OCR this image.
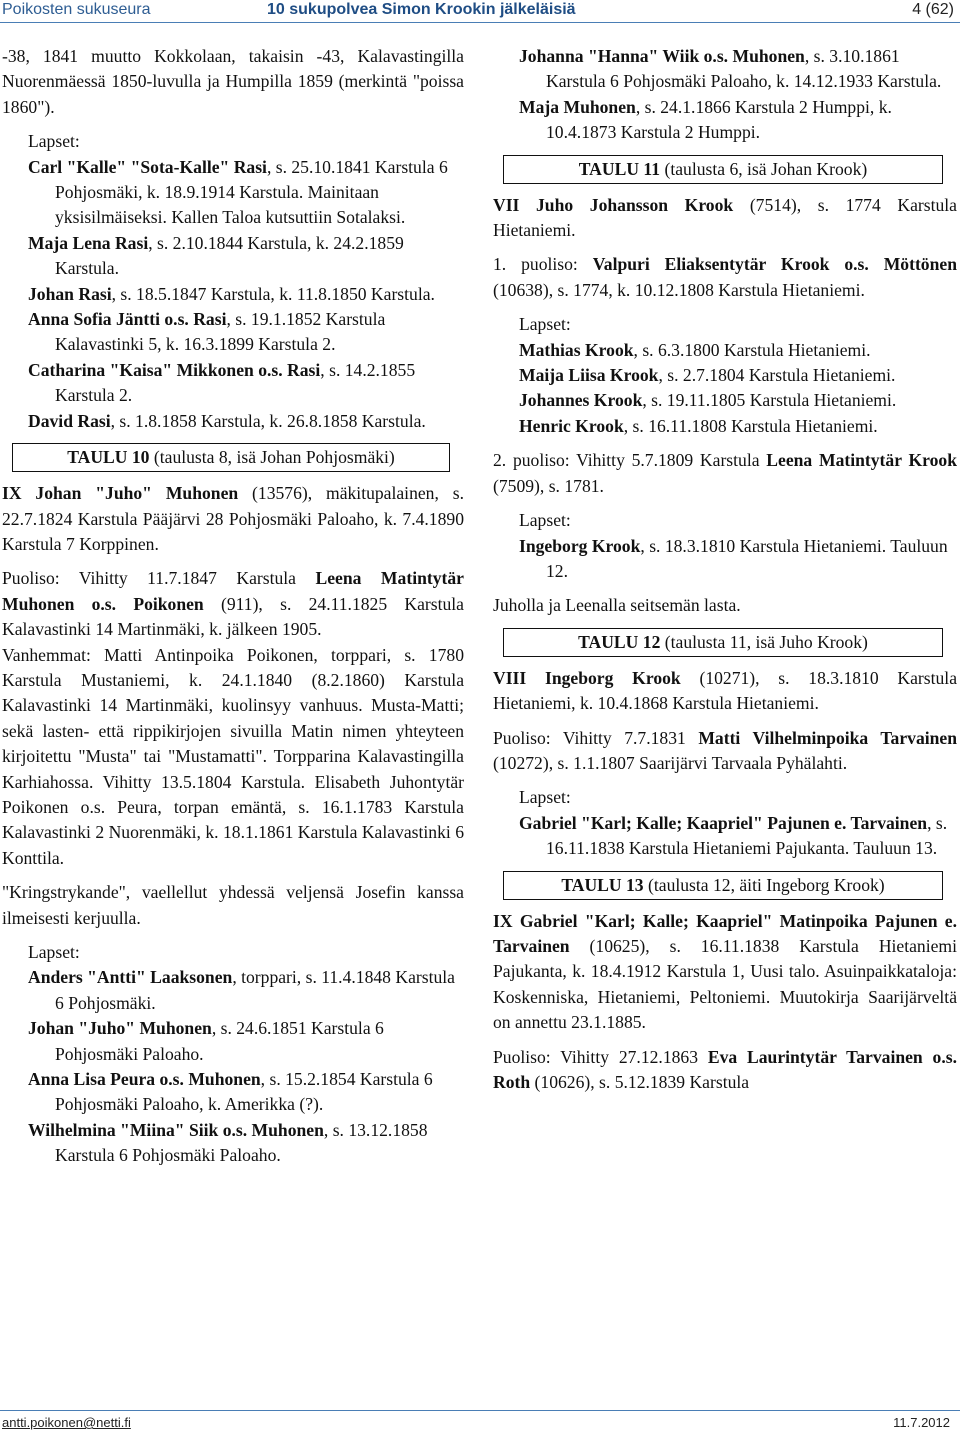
Poikosten sukuseura	10 sukupolvea Simon Krookin jälkeläisiä	4 (62)

-38, 1841 muutto Kokkolaan, takaisin -43, Kalavastingilla Nuorenmäessä 1850-luvulla ja Humpilla 1859 (merkintä "poissa 1860").

Lapset:
Carl "Kalle" "Sota-Kalle" Rasi, s. 25.10.1841 Karstula 6 Pohjosmäki, k. 18.9.1914 Karstula. Mainitaan yksisilmäiseksi. Kallen Taloa kutsuttiin Sotalaksi.
Maja Lena Rasi, s. 2.10.1844 Karstula, k. 24.2.1859 Karstula.
Johan Rasi, s. 18.5.1847 Karstula, k. 11.8.1850 Karstula.
Anna Sofia Jäntti o.s. Rasi, s. 19.1.1852 Karstula Kalavastinki 5, k. 16.3.1899 Karstula 2.
Catharina "Kaisa" Mikkonen o.s. Rasi, s. 14.2.1855 Karstula 2.
David Rasi, s. 1.8.1858 Karstula, k. 26.8.1858 Karstula.
TAULU 10 (taulusta 8, isä Johan Pohjosmäki)

IX Johan "Juho" Muhonen (13576), mäkitupalainen, s. 22.7.1824 Karstula Pääjärvi 28 Pohjosmäki Paloaho, k. 7.4.1890 Karstula 7 Korppinen.

Puoliso: Vihitty 11.7.1847 Karstula Leena Matintytär Muhonen o.s. Poikonen (911), s. 24.11.1825 Karstula Kalavastinki 14 Martinmäki, k. jälkeen 1905.

Vanhemmat: Matti Antinpoika Poikonen, torppari, s. 1780 Karstula Mustaniemi, k. 24.1.1840 (8.2.1860) Karstula Kalavastinki 14 Martinmäki, kuolinsyy vanhuus. Musta-Matti; sekä lasten- että rippikirjojen sivuilla Matin nimen yhteyteen kirjoitettu "Musta" tai "Mustamatti". Torpparina Kalavastingilla Karhiahossa. Vihitty 13.5.1804 Karstula. Elisabeth Juhontytär Poikonen o.s. Peura, torpan emäntä, s. 16.1.1783 Karstula Kalavastinki 2 Nuorenmäki, k. 18.1.1861 Karstula Kalavastinki 6 Konttila.

"Kringstrykande", vaellellut yhdessä veljensä Josefin kanssa ilmeisesti kerjuulla.

Lapset:
Anders "Antti" Laaksonen, torppari, s. 11.4.1848 Karstula 6 Pohjosmäki.
Johan "Juho" Muhonen, s. 24.6.1851 Karstula 6 Pohjosmäki Paloaho.
Anna Lisa Peura o.s. Muhonen, s. 15.2.1854 Karstula 6 Pohjosmäki Paloaho, k. Amerikka (?).
Wilhelmina "Miina" Siik o.s. Muhonen, s. 13.12.1858 Karstula 6 Pohjosmäki Paloaho.
Johanna "Hanna" Wiik o.s. Muhonen, s. 3.10.1861 Karstula 6 Pohjosmäki Paloaho, k. 14.12.1933 Karstula.
Maja Muhonen, s. 24.1.1866 Karstula 2 Humppi, k. 10.4.1873 Karstula 2 Humppi.
TAULU 11 (taulusta 6, isä Johan Krook)

VII Juho Johansson Krook (7514), s. 1774 Karstula Hietaniemi.

1. puoliso: Valpuri Eliaksentytär Krook o.s. Möttönen (10638), s. 1774, k. 10.12.1808 Karstula Hietaniemi.

Lapset:
Mathias Krook, s. 6.3.1800 Karstula Hietaniemi.
Maija Liisa Krook, s. 2.7.1804 Karstula Hietaniemi.
Johannes Krook, s. 19.11.1805 Karstula Hietaniemi.
Henric Krook, s. 16.11.1808 Karstula Hietaniemi.

2. puoliso: Vihitty 5.7.1809 Karstula Leena Matintytär Krook (7509), s. 1781.

Lapset:
Ingeborg Krook, s. 18.3.1810 Karstula Hietaniemi. Tauluun 12.

Juholla ja Leenalla seitsemän lasta.

TAULU 12 (taulusta 11, isä Juho Krook)

VIII Ingeborg Krook (10271), s. 18.3.1810 Karstula Hietaniemi, k. 10.4.1868 Karstula Hietaniemi.

Puoliso: Vihitty 7.7.1831 Matti Vilhelminpoika Tarvainen (10272), s. 1.1.1807 Saarijärvi Tarvaala Pyhälahti.

Lapset:
Gabriel "Karl; Kalle; Kaapriel" Pajunen e. Tarvainen, s. 16.11.1838 Karstula Hietaniemi Pajukanta. Tauluun 13.
TAULU 13 (taulusta 12, äiti Ingeborg Krook)

IX Gabriel "Karl; Kalle; Kaapriel" Matinpoika Pajunen e. Tarvainen (10625), s. 16.11.1838 Karstula Hietaniemi Pajukanta, k. 18.4.1912 Karstula 1, Uusi talo. Asuinpaikkataloja: Koskenniska, Hietaniemi, Peltoniemi. Muutokirja Saarijärveltä on annettu 23.1.1885.

Puoliso: Vihitty 27.12.1863 Eva Laurintytär Tarvainen o.s. Roth (10626), s. 5.12.1839 Karstula

antti.poikonen@netti.fi	11.7.2012
